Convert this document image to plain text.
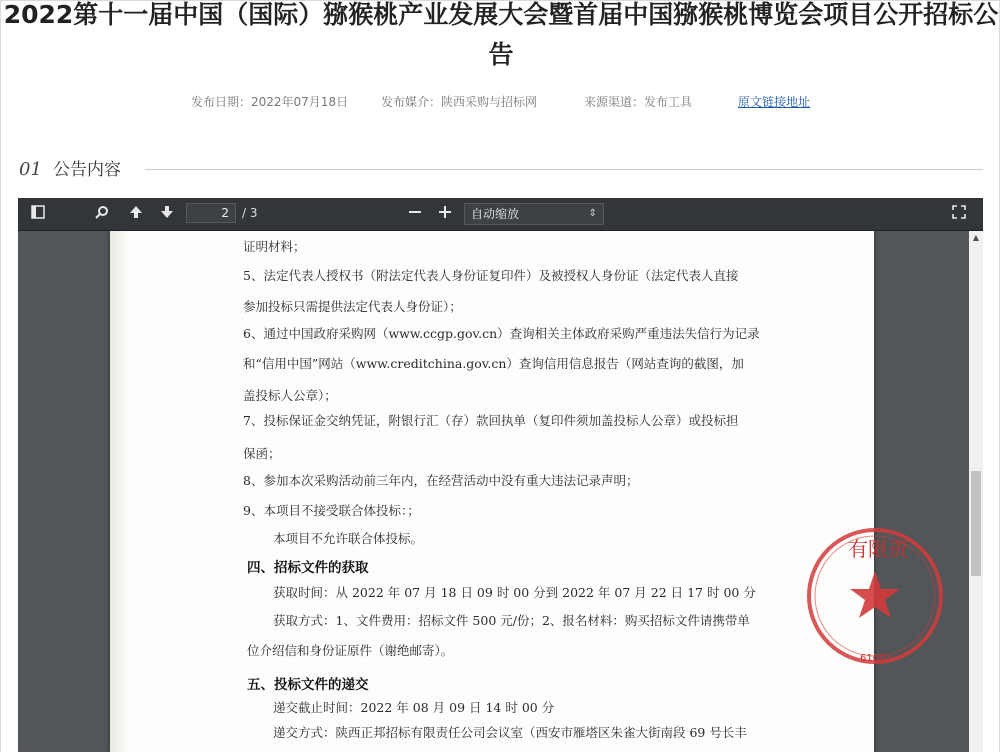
2022第十一届中国（国际）猕猴桃产业发展大会暨首届中国猕猴桃博览会项目公开招标公告
发布日期：2022年07月18日	发布媒介：陕西采购与招标网	来源渠道：发布工具	原文链接地址
01 公告内容
2	/ 3	自动缩放	⇕
证明材料；
5、法定代表人授权书（附法定代表人身份证复印件）及被授权人身份证（法定代表人直接
参加投标只需提供法定代表人身份证）；
6、通过中国政府采购网（www.ccgp.gov.cn）查询相关主体政府采购严重违法失信行为记录
和“信用中国”网站（www.creditchina.gov.cn）查询信用信息报告（网站查询的截图，加
盖投标人公章）；
7、投标保证金交纳凭证，附银行汇（存）款回执单（复印件须加盖投标人公章）或投标担
保函；
8、参加本次采购活动前三年内，在经营活动中没有重大违法记录声明；
9、本项目不接受联合体投标：；
本项目不允许联合体投标。
四、招标文件的获取
获取时间：从 2022 年 07 月 18 日 09 时 00 分到 2022 年 07 月 22 日 17 时 00 分
获取方式：1、文件费用：招标文件 500 元/份；2、报名材料：购买招标文件请携带单
位介绍信和身份证原件（谢绝邮寄）。
五、投标文件的递交
递交截止时间：2022 年 08 月 09 日 14 时 00 分
递交方式：陕西正邦招标有限责任公司会议室（西安市雁塔区朱雀大街南段 69 号长丰
有限责
61001
▲
